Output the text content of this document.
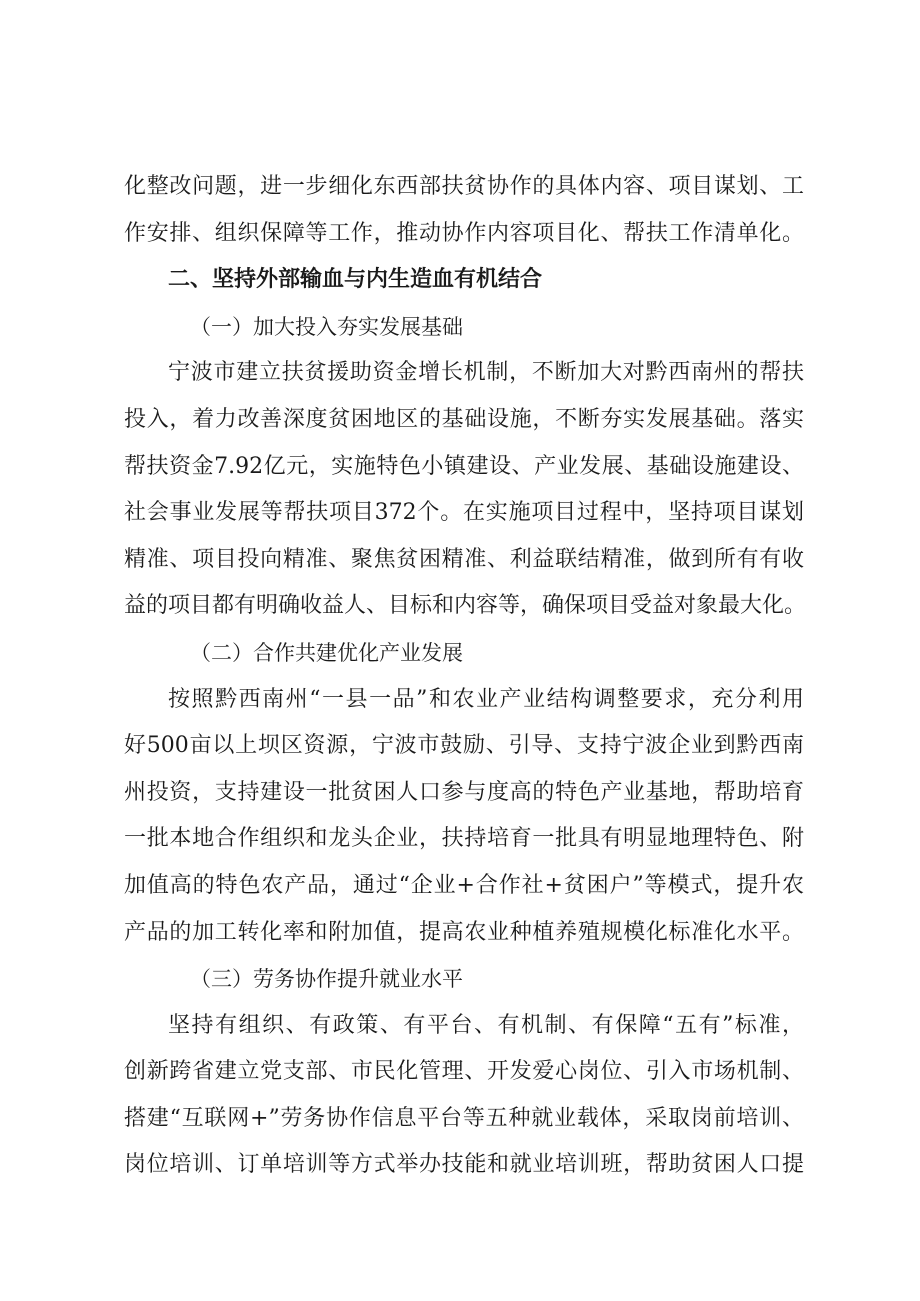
化整改问题，进一步细化东西部扶贫协作的具体内容、项目谋划、工
作安排、组织保障等工作，推动协作内容项目化、帮扶工作清单化。
二、坚持外部输血与内生造血有机结合
（一）加大投入夯实发展基础
宁波市建立扶贫援助资金增长机制，不断加大对黔西南州的帮扶
投入，着力改善深度贫困地区的基础设施，不断夯实发展基础。落实
帮扶资金7.92亿元，实施特色小镇建设、产业发展、基础设施建设、
社会事业发展等帮扶项目372个。在实施项目过程中，坚持项目谋划
精准、项目投向精准、聚焦贫困精准、利益联结精准，做到所有有收
益的项目都有明确收益人、目标和内容等，确保项目受益对象最大化。
（二）合作共建优化产业发展
按照黔西南州“一县一品”和农业产业结构调整要求，充分利用
好500亩以上坝区资源，宁波市鼓励、引导、支持宁波企业到黔西南
州投资，支持建设一批贫困人口参与度高的特色产业基地，帮助培育
一批本地合作组织和龙头企业，扶持培育一批具有明显地理特色、附
加值高的特色农产品，通过“企业+合作社+贫困户”等模式，提升农
产品的加工转化率和附加值，提高农业种植养殖规模化标准化水平。
（三）劳务协作提升就业水平
坚持有组织、有政策、有平台、有机制、有保障“五有”标准，
创新跨省建立党支部、市民化管理、开发爱心岗位、引入市场机制、
搭建“互联网+”劳务协作信息平台等五种就业载体，采取岗前培训、
岗位培训、订单培训等方式举办技能和就业培训班，帮助贫困人口提
